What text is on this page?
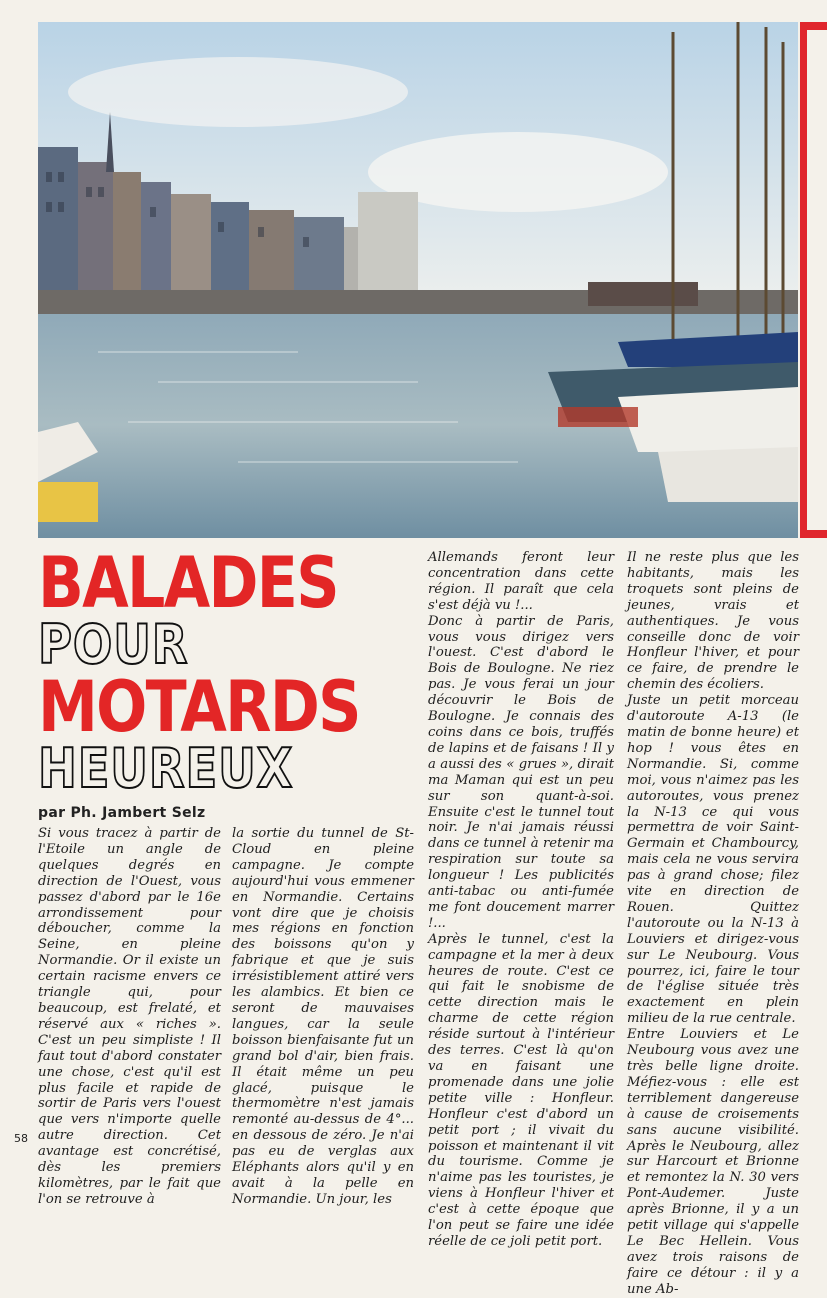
BALADES
POUR
MOTARDS
HEUREUX
par Ph. Jambert Selz

Si vous tracez à partir de l'Etoile un angle de quelques degrés en direction de l'Ouest, vous passez d'abord par le 16e arrondissement pour déboucher, comme la Seine, en pleine Normandie. Or il existe un certain racisme envers ce triangle qui, pour beaucoup, est frelaté, et réservé aux « riches ». C'est un peu simpliste ! Il faut tout d'abord constater une chose, c'est qu'il est plus facile et rapide de sortir de Paris vers l'ouest que vers n'importe quelle autre direction. Cet avantage est concrétisé, dès les premiers kilomètres, par le fait que l'on se retrouve à

la sortie du tunnel de St-Cloud en pleine campagne. Je compte aujourd'hui vous emmener en Normandie. Certains vont dire que je choisis mes régions en fonction des boissons qu'on y fabrique et que je suis irrésistiblement attiré vers les alambics. Et bien ce seront de mauvaises langues, car la seule boisson bienfaisante fut un grand bol d'air, bien frais. Il était même un peu glacé, puisque le thermomètre n'est jamais remonté au-dessus de 4°... en dessous de zéro. Je n'ai pas eu de verglas aux Eléphants alors qu'il y en avait à la pelle en Normandie. Un jour, les

Allemands feront leur concentration dans cette région. Il paraît que cela s'est déjà vu !...

Donc à partir de Paris, vous vous dirigez vers l'ouest. C'est d'abord le Bois de Boulogne. Ne riez pas. Je vous ferai un jour découvrir le Bois de Boulogne. Je connais des coins dans ce bois, truffés de lapins et de faisans ! Il y a aussi des « grues », dirait ma Maman qui est un peu sur son quant-à-soi. Ensuite c'est le tunnel tout noir. Je n'ai jamais réussi dans ce tunnel à retenir ma respiration sur toute sa longueur ! Les publicités anti-tabac ou anti-fumée me font doucement marrer !...

Après le tunnel, c'est la campagne et la mer à deux heures de route. C'est ce qui fait le snobisme de cette direction mais le charme de cette région réside surtout à l'intérieur des terres. C'est là qu'on va en faisant une promenade dans une jolie petite ville : Honfleur. Honfleur c'est d'abord un petit port ; il vivait du poisson et maintenant il vit du tourisme. Comme je n'aime pas les touristes, je viens à Honfleur l'hiver et c'est à cette époque que l'on peut se faire une idée réelle de ce joli petit port.

Il ne reste plus que les habitants, mais les troquets sont pleins de jeunes, vrais et authentiques. Je vous conseille donc de voir Honfleur l'hiver, et pour ce faire, de prendre le chemin des écoliers.

Juste un petit morceau d'autoroute A-13 (le matin de bonne heure) et hop ! vous êtes en Normandie. Si, comme moi, vous n'aimez pas les autoroutes, vous prenez la N-13 ce qui vous permettra de voir Saint-Germain et Chambourcy, mais cela ne vous servira pas à grand chose; filez vite en direction de Rouen. Quittez l'autoroute ou la N-13 à Louviers et dirigez-vous sur Le Neubourg. Vous pourrez, ici, faire le tour de l'église située très exactement en plein milieu de la rue centrale.

Entre Louviers et Le Neubourg vous avez une très belle ligne droite. Méfiez-vous : elle est terriblement dangereuse à cause de croisements sans aucune visibilité. Après le Neubourg, allez sur Harcourt et Brionne et remontez la N. 30 vers Pont-Audemer. Juste après Brionne, il y a un petit village qui s'appelle Le Bec Hellein. Vous avez trois raisons de faire ce détour : il y a une Ab-

58
